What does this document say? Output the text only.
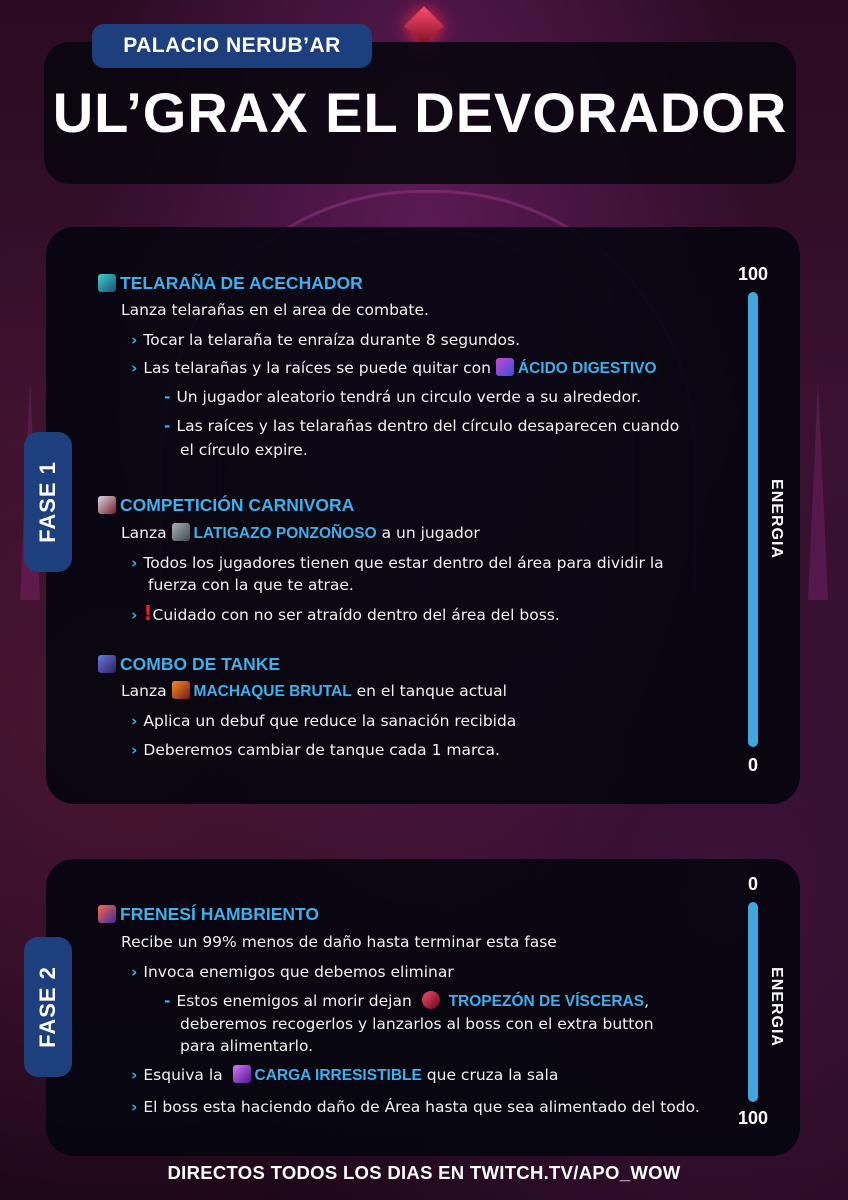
PALACIO NERUB’AR
UL’GRAX EL DEVORADOR
FASE 1
100
0
ENERGIA
TELARAÑA DE ACECHADOR
Lanza telarañas en el area de combate.
› Tocar la telaraña te enraíza durante 8 segundos.
› Las telarañas y la raíces se puede quitar con ÁCIDO DIGESTIVO
- Un jugador aleatorio tendrá un circulo verde a su alrededor.
- Las raíces y las telarañas dentro del círculo desaparecen cuando
el círculo expire.
COMPETICIÓN CARNIVORA
Lanza LATIGAZO PONZOÑOSO a un jugador
› Todos los jugadores tienen que estar dentro del área para dividir la
fuerza con la que te atrae.
› !Cuidado con no ser atraído dentro del área del boss.
COMBO DE TANKE
Lanza MACHAQUE BRUTAL en el tanque actual
› Aplica un debuf que reduce la sanación recibida
› Deberemos cambiar de tanque cada 1 marca.
FASE 2
0
100
ENERGIA
FRENESÍ HAMBRIENTO
Recibe un 99% menos de daño hasta terminar esta fase
› Invoca enemigos que debemos eliminar
- Estos enemigos al morir dejan TROPEZÓN DE VÍSCERAS,
deberemos recogerlos y lanzarlos al boss con el extra button
para alimentarlo.
› Esquiva la CARGA IRRESISTIBLE que cruza la sala
› El boss esta haciendo daño de Área hasta que sea alimentado del todo.
DIRECTOS TODOS LOS DIAS EN TWITCH.TV/APO_WOW
